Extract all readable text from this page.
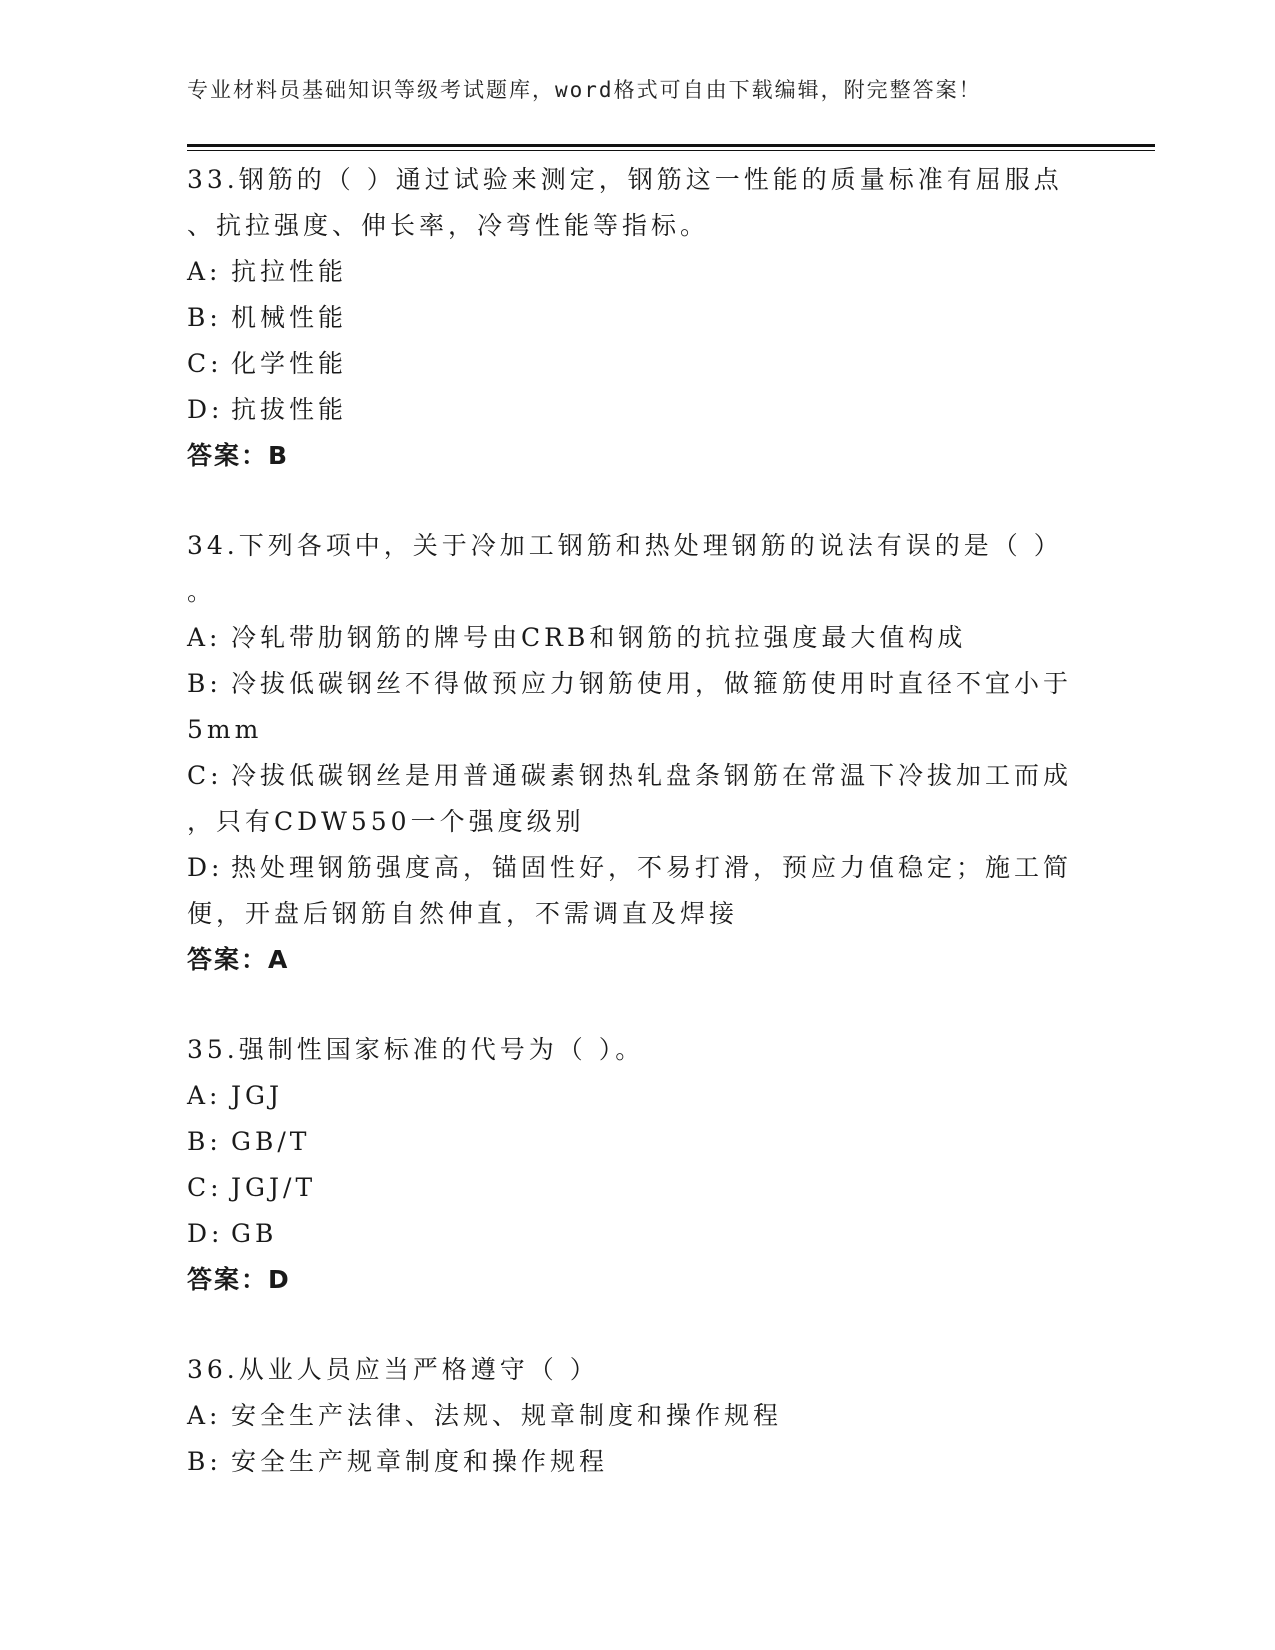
专业材料员基础知识等级考试题库，word格式可自由下载编辑，附完整答案！
33.钢筋的（ ）通过试验来测定，钢筋这一性能的质量标准有屈服点
、抗拉强度、伸长率，冷弯性能等指标。
A: 抗拉性能
B: 机械性能
C: 化学性能
D: 抗拔性能
答案：B
34.下列各项中，关于冷加工钢筋和热处理钢筋的说法有误的是（ ）
。
A: 冷轧带肋钢筋的牌号由CRB和钢筋的抗拉强度最大值构成
B: 冷拔低碳钢丝不得做预应力钢筋使用，做箍筋使用时直径不宜小于
5mm
C: 冷拔低碳钢丝是用普通碳素钢热轧盘条钢筋在常温下冷拔加工而成
，只有CDW550一个强度级别
D: 热处理钢筋强度高，锚固性好，不易打滑，预应力值稳定；施工简
便，开盘后钢筋自然伸直，不需调直及焊接
答案：A
35.强制性国家标准的代号为（ ）。
A: JGJ
B: GB/T
C: JGJ/T
D: GB
答案：D
36.从业人员应当严格遵守（ ）
A: 安全生产法律、法规、规章制度和操作规程
B: 安全生产规章制度和操作规程
